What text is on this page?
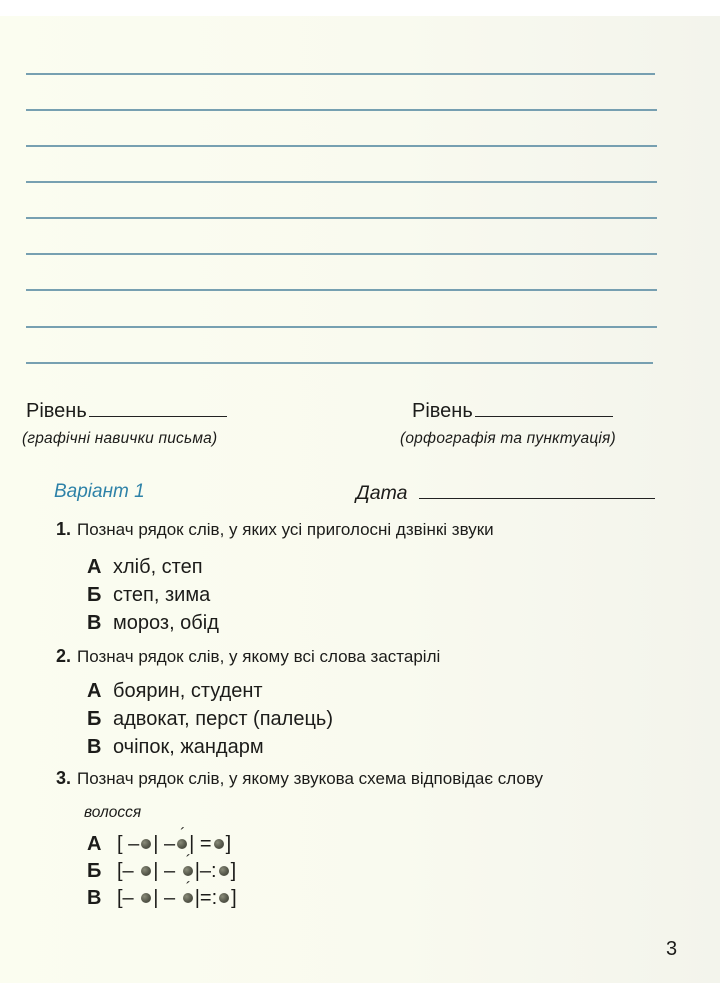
Рівень
(графічні навички письма)
Рівень
(орфографія та пунктуація)
Варіант 1	Дата
1. Познач рядок слів, у яких усі приголосні дзвінкі звуки
А хліб, степ
Б степ, зима
В мороз, обід
2. Познач рядок слів, у якому всі слова застарілі
А боярин, студент
Б адвокат, перст (палець)
В очіпок, жандарм
3. Познач рядок слів, у якому звукова схема відповідає слову
волосся
А [ – | – ´ | = ]
Б [– | – ´|–: ]
В [– | – ´|=: ]
3
